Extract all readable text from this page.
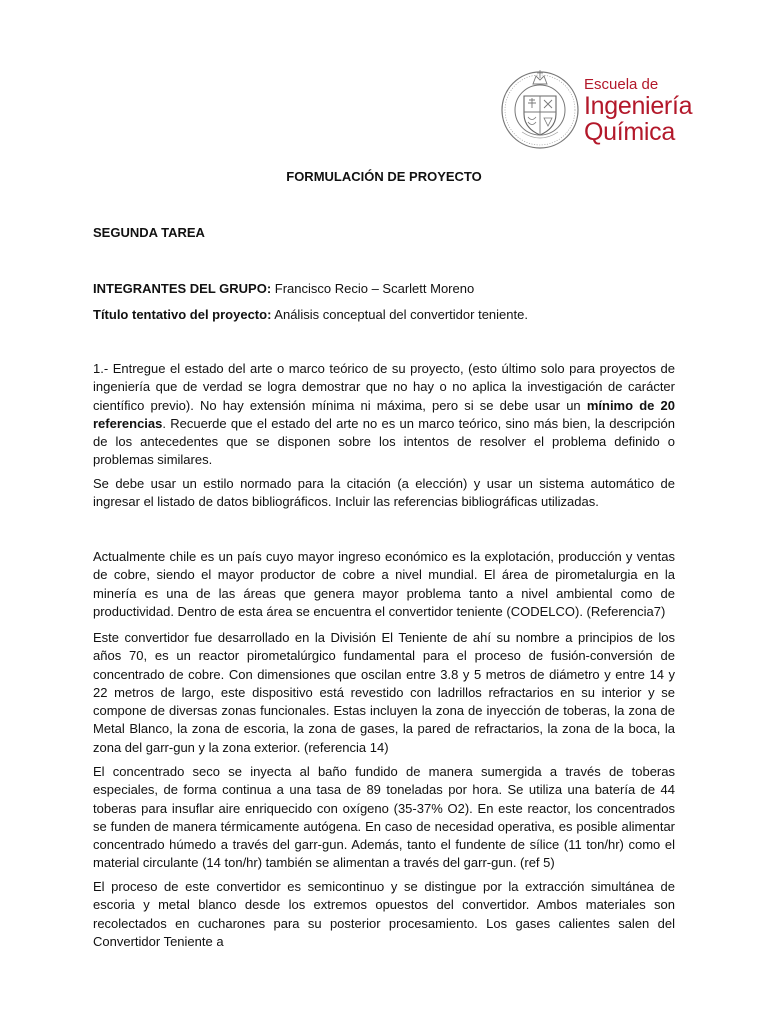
Escuela de
Ingeniería
Química
FORMULACIÓN DE PROYECTO
SEGUNDA TAREA
INTEGRANTES DEL GRUPO: Francisco Recio – Scarlett Moreno
Título tentativo del proyecto: Análisis conceptual del convertidor teniente.

1.- Entregue el estado del arte o marco teórico de su proyecto, (esto último solo para proyectos de ingeniería que de verdad se logra demostrar que no hay o no aplica la investigación de carácter científico previo). No hay extensión mínima ni máxima, pero si se debe usar un mínimo de 20 referencias. Recuerde que el estado del arte no es un marco teórico, sino más bien, la descripción de los antecedentes que se disponen sobre los intentos de resolver el problema definido o problemas similares.

Se debe usar un estilo normado para la citación (a elección) y usar un sistema automático de ingresar el listado de datos bibliográficos. Incluir las referencias bibliográficas utilizadas.

Actualmente chile es un país cuyo mayor ingreso económico es la explotación, producción y ventas de cobre, siendo el mayor productor de cobre a nivel mundial. El área de pirometalurgia en la minería es una de las áreas que genera mayor problema tanto a nivel ambiental como de productividad. Dentro de esta área se encuentra el convertidor teniente (CODELCO). (Referencia7)

Este convertidor fue desarrollado en la División El Teniente de ahí su nombre a principios de los años 70, es un reactor pirometalúrgico fundamental para el proceso de fusión-conversión de concentrado de cobre. Con dimensiones que oscilan entre 3.8 y 5 metros de diámetro y entre 14 y 22 metros de largo, este dispositivo está revestido con ladrillos refractarios en su interior y se compone de diversas zonas funcionales. Estas incluyen la zona de inyección de toberas, la zona de Metal Blanco, la zona de escoria, la zona de gases, la pared de refractarios, la zona de la boca, la zona del garr-gun y la zona exterior. (referencia 14)

El concentrado seco se inyecta al baño fundido de manera sumergida a través de toberas especiales, de forma continua a una tasa de 89 toneladas por hora. Se utiliza una batería de 44 toberas para insuflar aire enriquecido con oxígeno (35-37% O2). En este reactor, los concentrados se funden de manera térmicamente autógena. En caso de necesidad operativa, es posible alimentar concentrado húmedo a través del garr-gun. Además, tanto el fundente de sílice (11 ton/hr) como el material circulante (14 ton/hr) también se alimentan a través del garr-gun. (ref 5)

El proceso de este convertidor es semicontinuo y se distingue por la extracción simultánea de escoria y metal blanco desde los extremos opuestos del convertidor. Ambos materiales son recolectados en cucharones para su posterior procesamiento. Los gases calientes salen del Convertidor Teniente a
